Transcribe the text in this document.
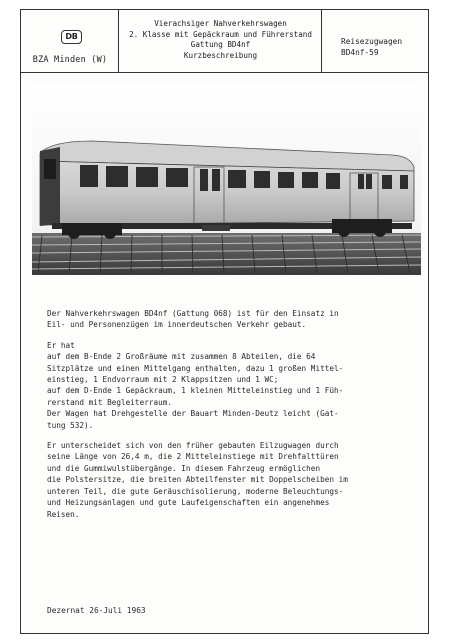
DB
BZA Minden (W)
Vierachsiger Nahverkehrswagen
2. Klasse mit Gepäckraum und Führerstand
Gattung BD4nf
Kurzbeschreibung
Reisezugwagen
BD4nf-59

Der Nahverkehrswagen BD4nf (Gattung 068) ist für den Einsatz in
Eil- und Personenzügen im innerdeutschen Verkehr gebaut.

Er hat
auf dem B-Ende 2 Großräume mit zusammen 8 Abteilen, die 64
Sitzplätze und einen Mittelgang enthalten, dazu 1 großen Mittel-
einstieg, 1 Endvorraum mit 2 Klappsitzen und 1 WC;
auf dem D-Ende 1 Gepäckraum, 1 kleinen Mitteleinstieg und 1 Füh-
rerstand mit Begleiterraum.
Der Wagen hat Drehgestelle der Bauart Minden-Deutz leicht (Gat-
tung 532).

Er unterscheidet sich von den früher gebauten Eilzugwagen durch
seine Länge von 26,4 m, die 2 Mitteleinstiege mit Drehfalttüren
und die Gummiwulstübergänge. In diesem Fahrzeug ermöglichen
die Polstersitze, die breiten Abteilfenster mit Doppelscheiben im
unteren Teil, die gute Geräuschisolierung, moderne Beleuchtungs-
und Heizungsanlagen und gute Laufeigenschaften ein angenehmes
Reisen.

Dezernat 26-Juli 1963
